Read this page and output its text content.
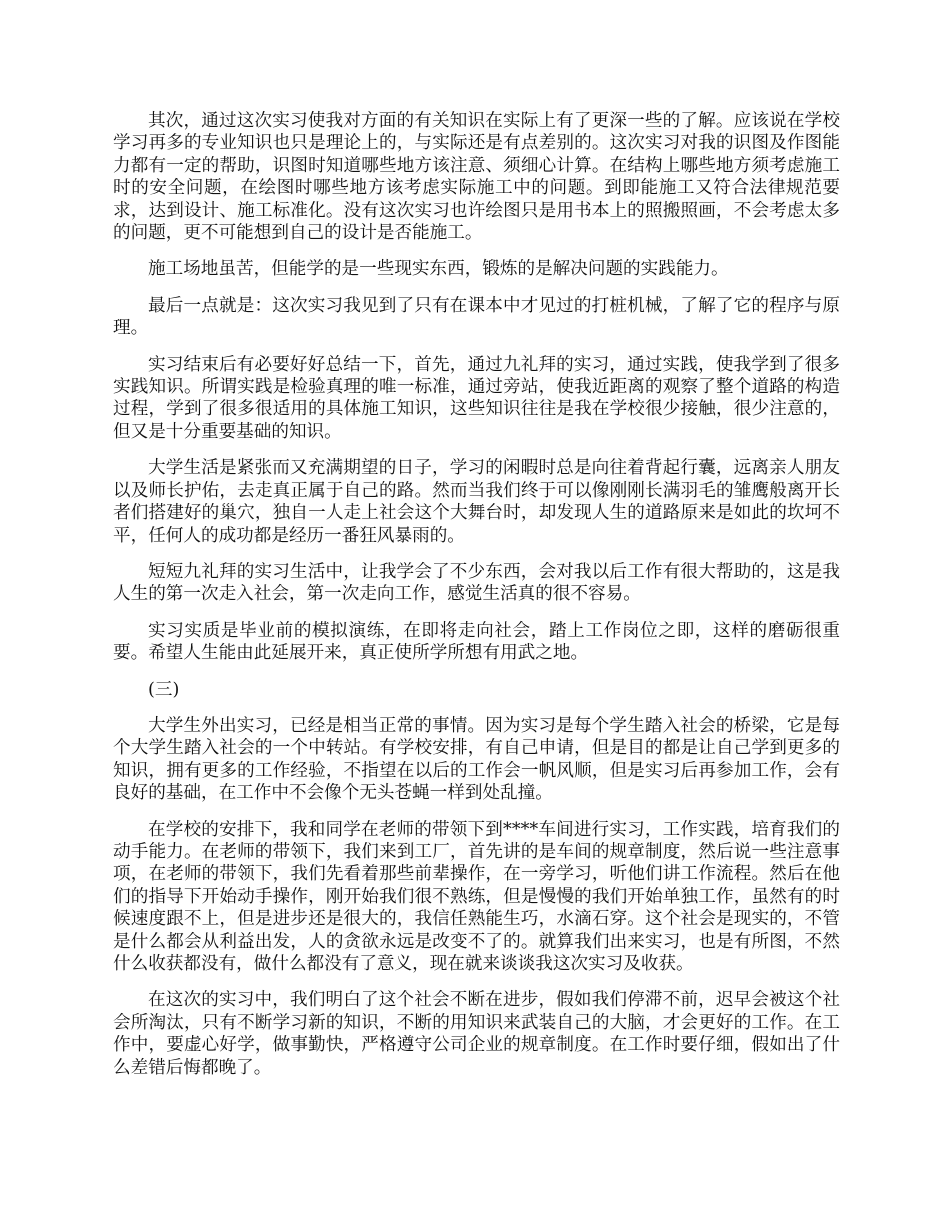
其次，通过这次实习使我对方面的有关知识在实际上有了更深一些的了解。应该说在学校学习再多的专业知识也只是理论上的，与实际还是有点差别的。这次实习对我的识图及作图能力都有一定的帮助，识图时知道哪些地方该注意、须细心计算。在结构上哪些地方须考虑施工时的安全问题，在绘图时哪些地方该考虑实际施工中的问题。到即能施工又符合法律规范要求，达到设计、施工标准化。没有这次实习也许绘图只是用书本上的照搬照画，不会考虑太多的问题，更不可能想到自己的设计是否能施工。

施工场地虽苦，但能学的是一些现实东西，锻炼的是解决问题的实践能力。

最后一点就是：这次实习我见到了只有在课本中才见过的打桩机械，了解了它的程序与原理。

实习结束后有必要好好总结一下，首先，通过九礼拜的实习，通过实践，使我学到了很多实践知识。所谓实践是检验真理的唯一标准，通过旁站，使我近距离的观察了整个道路的构造过程，学到了很多很适用的具体施工知识，这些知识往往是我在学校很少接触，很少注意的，但又是十分重要基础的知识。

大学生活是紧张而又充满期望的日子，学习的闲暇时总是向往着背起行囊，远离亲人朋友以及师长护佑，去走真正属于自己的路。然而当我们终于可以像刚刚长满羽毛的雏鹰般离开长者们搭建好的巢穴，独自一人走上社会这个大舞台时，却发现人生的道路原来是如此的坎坷不平，任何人的成功都是经历一番狂风暴雨的。

短短九礼拜的实习生活中，让我学会了不少东西，会对我以后工作有很大帮助的，这是我人生的第一次走入社会，第一次走向工作，感觉生活真的很不容易。

实习实质是毕业前的模拟演练，在即将走向社会，踏上工作岗位之即，这样的磨砺很重要。希望人生能由此延展开来，真正使所学所想有用武之地。

(三)

大学生外出实习，已经是相当正常的事情。因为实习是每个学生踏入社会的桥梁，它是每个大学生踏入社会的一个中转站。有学校安排，有自己申请，但是目的都是让自己学到更多的知识，拥有更多的工作经验，不指望在以后的工作会一帆风顺，但是实习后再参加工作，会有良好的基础，在工作中不会像个无头苍蝇一样到处乱撞。

在学校的安排下，我和同学在老师的带领下到****车间进行实习，工作实践，培育我们的动手能力。在老师的带领下，我们来到工厂，首先讲的是车间的规章制度，然后说一些注意事项，在老师的带领下，我们先看着那些前辈操作，在一旁学习，听他们讲工作流程。然后在他们的指导下开始动手操作，刚开始我们很不熟练，但是慢慢的我们开始单独工作，虽然有的时候速度跟不上，但是进步还是很大的，我信任熟能生巧，水滴石穿。这个社会是现实的，不管是什么都会从利益出发，人的贪欲永远是改变不了的。就算我们出来实习，也是有所图，不然什么收获都没有，做什么都没有了意义，现在就来谈谈我这次实习及收获。

在这次的实习中，我们明白了这个社会不断在进步，假如我们停滞不前，迟早会被这个社会所淘汰，只有不断学习新的知识，不断的用知识来武装自己的大脑，才会更好的工作。在工作中，要虚心好学，做事勤快，严格遵守公司企业的规章制度。在工作时要仔细，假如出了什么差错后悔都晚了。
